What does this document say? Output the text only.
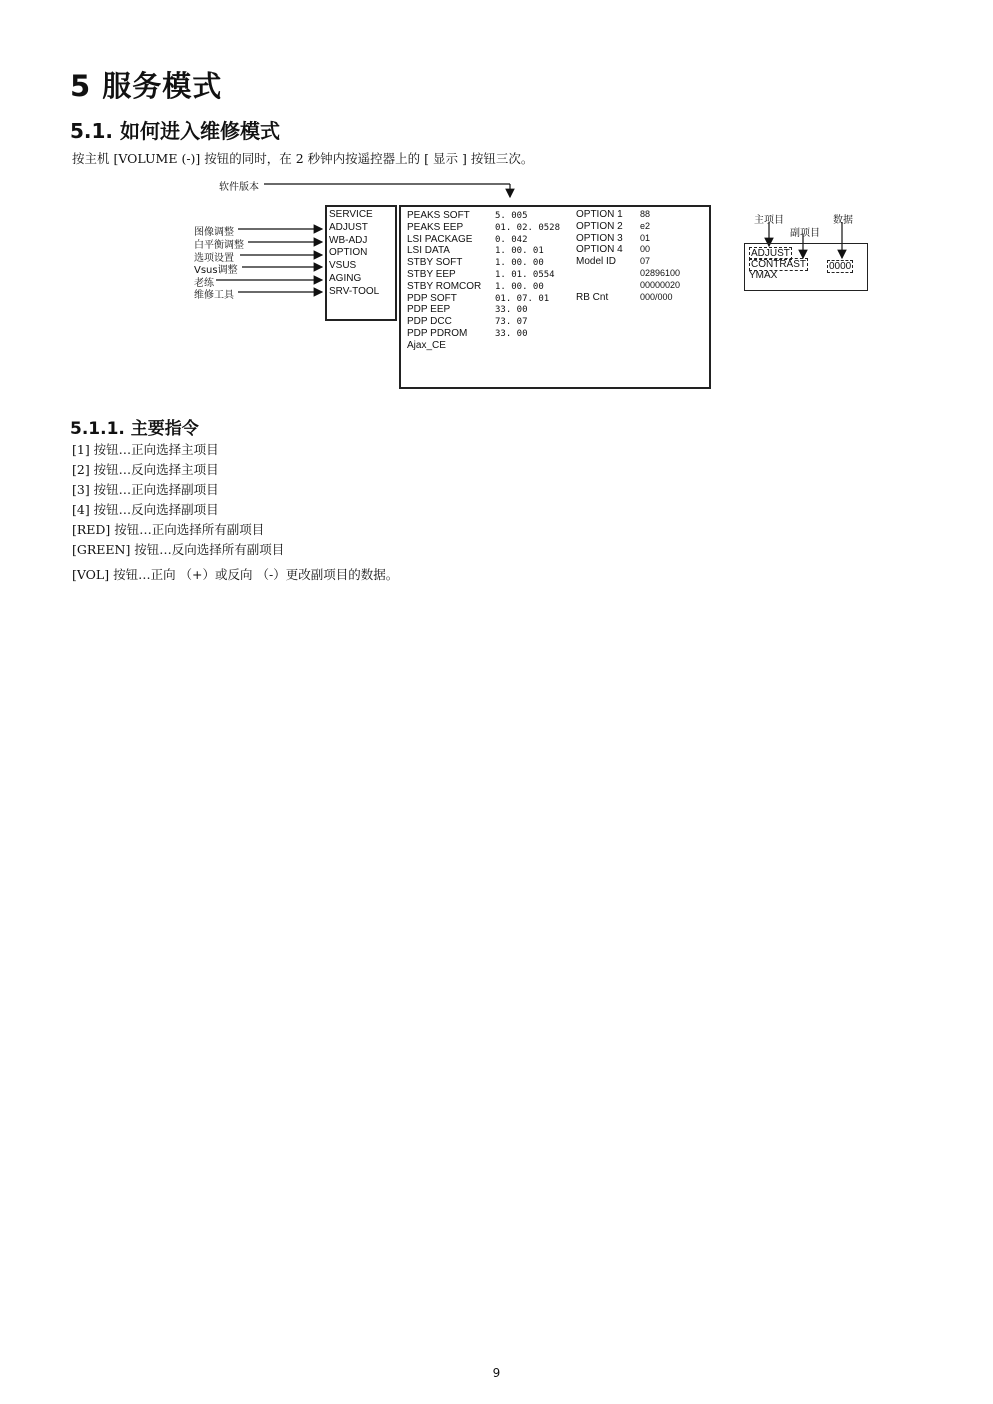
5 服务模式
5.1. 如何进入维修模式
按主机 [VOLUME (-)] 按钮的同时，在 2 秒钟内按遥控器上的 [ 显示 ] 按钮三次。
软件版本
图像调整
白平衡调整
选项设置
Vsus调整
老练
维修工具
SERVICE
ADJUST
WB-ADJ
OPTION
VSUS
AGING
SRV-TOOL
PEAKS SOFT
PEAKS EEP
LSI PACKAGE
LSI DATA
STBY SOFT
STBY EEP
STBY ROMCOR
PDP SOFT
PDP EEP
PDP DCC
PDP PDROM
Ajax_CE
5. 005
01. 02. 0528
0. 042
1. 00. 01
1. 00. 00
1. 01. 0554
1. 00. 00
01. 07. 01
33. 00
73. 07
33. 00
OPTION 1
OPTION 2
OPTION 3
OPTION 4
Model ID
RB Cnt
88
e2
01
00
07
02896100
00000020
000/000
主项目
副项目
数据
ADJUST
CONTRAST
YMAX
0000
5.1.1. 主要指令
[1] 按钮…正向选择主项目
[2] 按钮…反向选择主项目
[3] 按钮…正向选择副项目
[4] 按钮…反向选择副项目
[RED] 按钮…正向选择所有副项目
[GREEN] 按钮…反向选择所有副项目
[VOL] 按钮…正向 （+）或反向 （-）更改副项目的数据。
9
